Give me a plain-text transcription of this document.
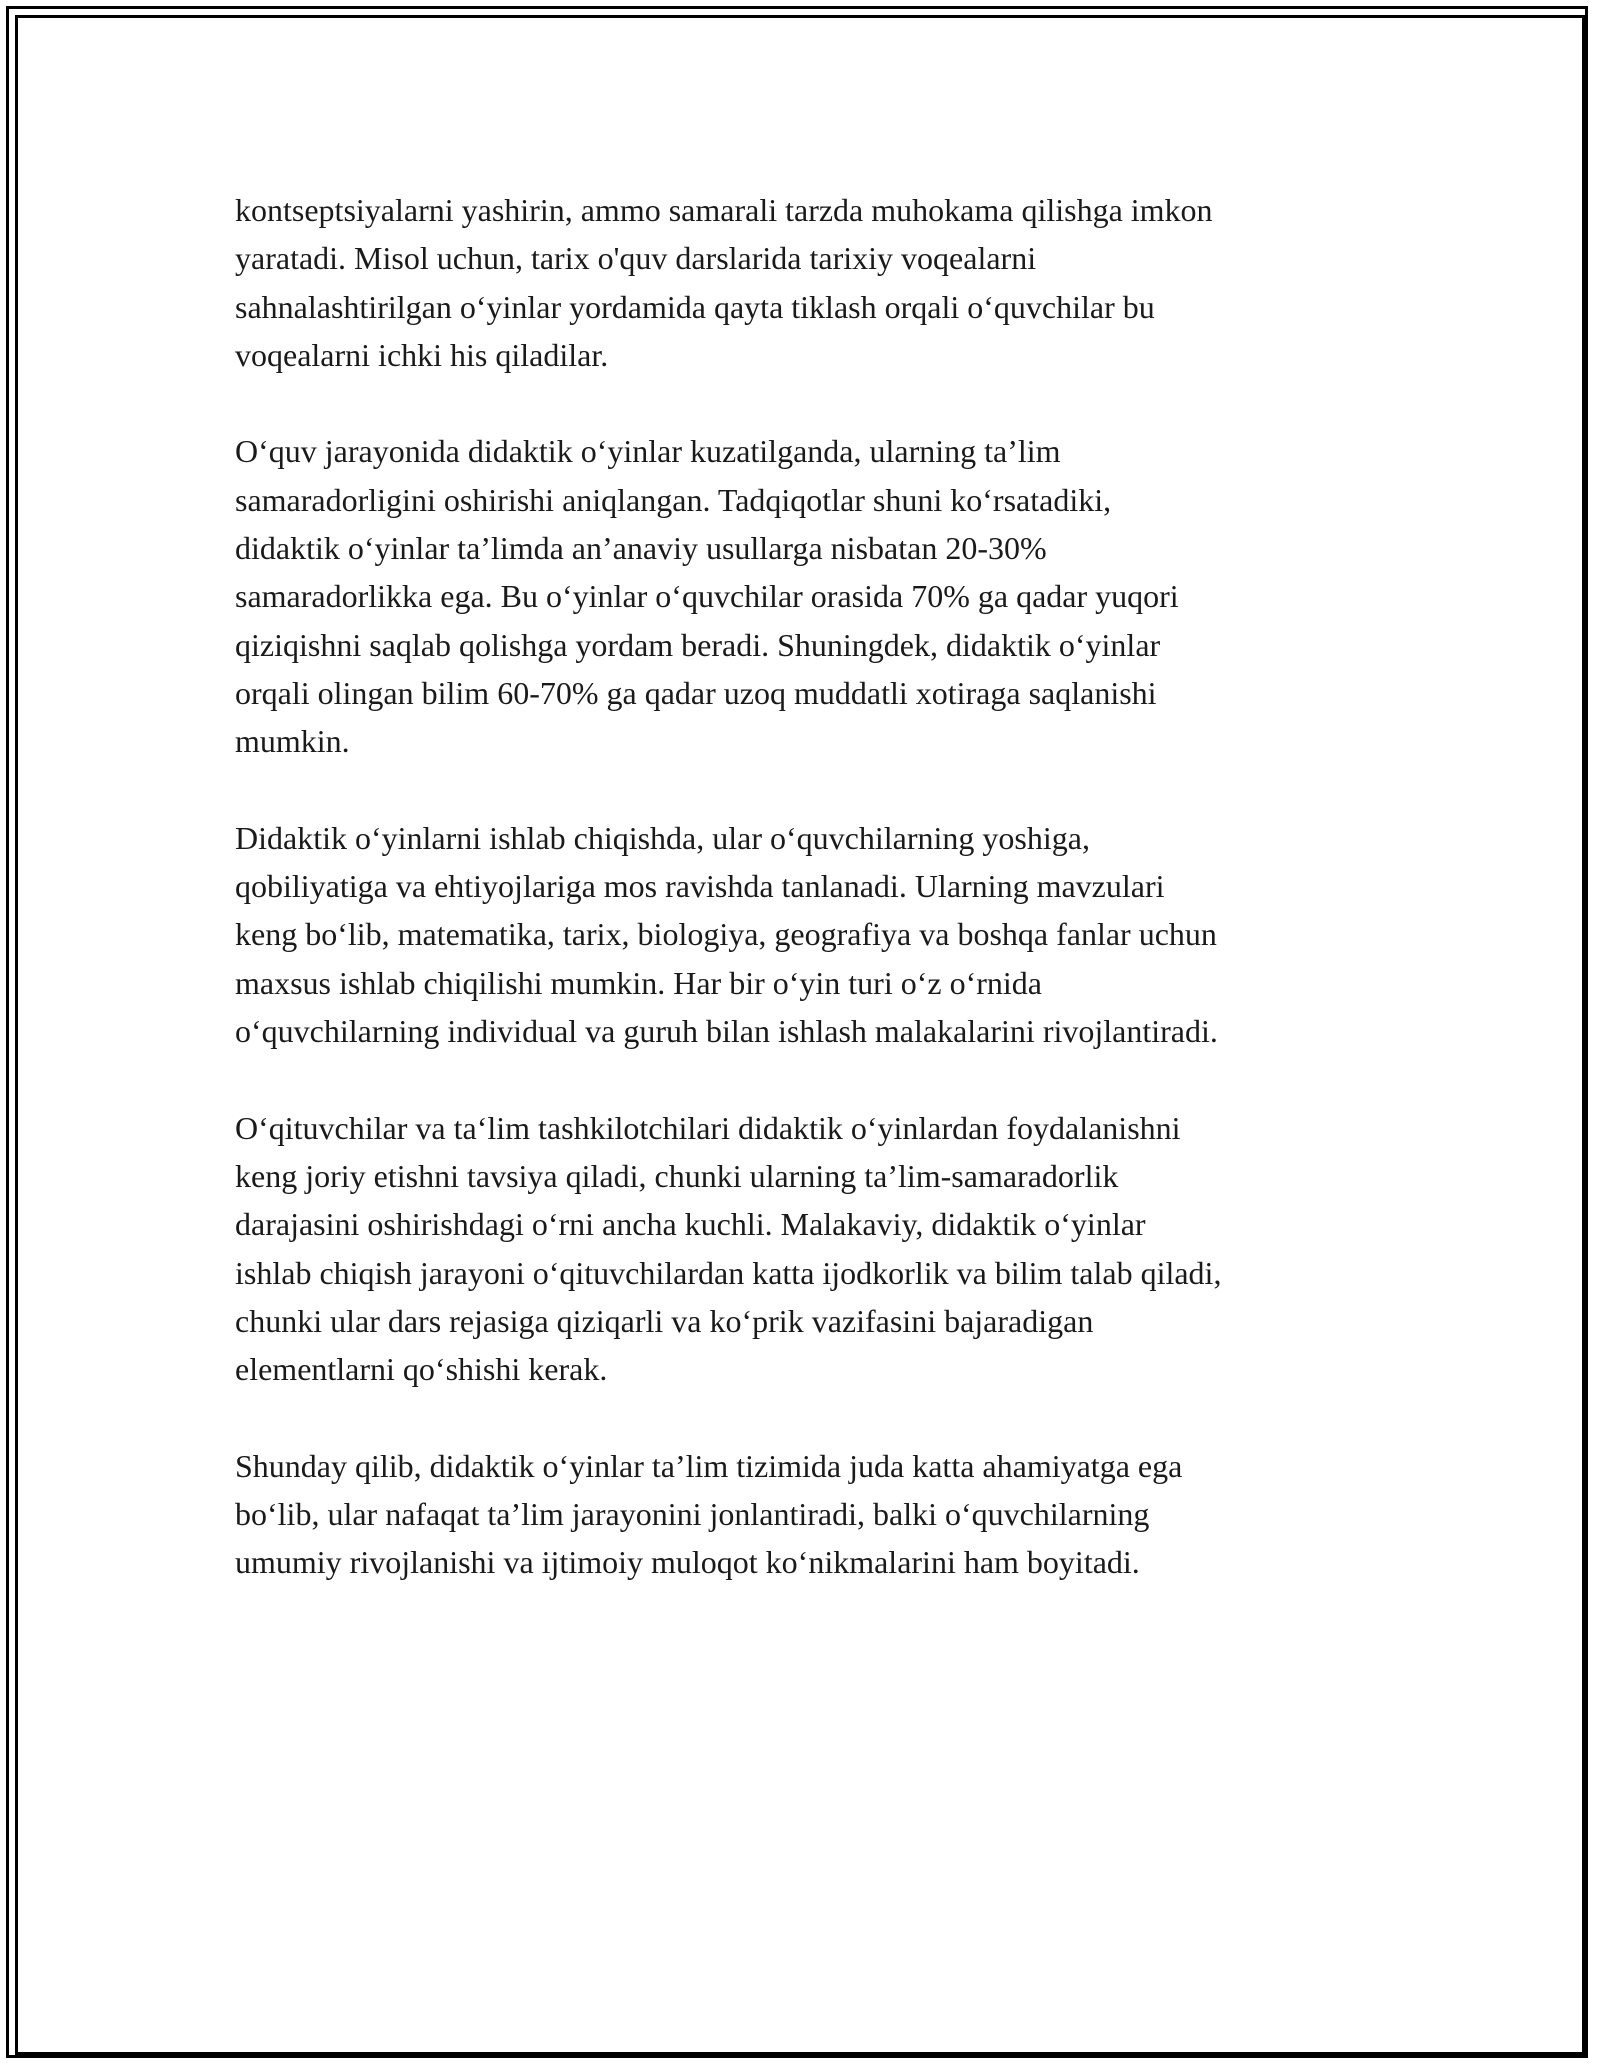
kontseptsiyalarni yashirin, ammo samarali tarzda muhokama qilishga imkon
yaratadi. Misol uchun, tarix o'quv darslarida tarixiy voqealarni
sahnalashtirilgan o‘yinlar yordamida qayta tiklash orqali o‘quvchilar bu
voqealarni ichki his qiladilar.

O‘quv jarayonida didaktik o‘yinlar kuzatilganda, ularning ta’lim
samaradorligini oshirishi aniqlangan. Tadqiqotlar shuni ko‘rsatadiki,
didaktik o‘yinlar ta’limda an’anaviy usullarga nisbatan 20-30%
samaradorlikka ega. Bu o‘yinlar o‘quvchilar orasida 70% ga qadar yuqori
qiziqishni saqlab qolishga yordam beradi. Shuningdek, didaktik o‘yinlar
orqali olingan bilim 60-70% ga qadar uzoq muddatli xotiraga saqlanishi
mumkin.

Didaktik o‘yinlarni ishlab chiqishda, ular o‘quvchilarning yoshiga,
qobiliyatiga va ehtiyojlariga mos ravishda tanlanadi. Ularning mavzulari
keng bo‘lib, matematika, tarix, biologiya, geografiya va boshqa fanlar uchun
maxsus ishlab chiqilishi mumkin. Har bir o‘yin turi o‘z o‘rnida
o‘quvchilarning individual va guruh bilan ishlash malakalarini rivojlantiradi.

O‘qituvchilar va ta‘lim tashkilotchilari didaktik o‘yinlardan foydalanishni
keng joriy etishni tavsiya qiladi, chunki ularning ta’lim-samaradorlik
darajasini oshirishdagi o‘rni ancha kuchli. Malakaviy, didaktik o‘yinlar
ishlab chiqish jarayoni o‘qituvchilardan katta ijodkorlik va bilim talab qiladi,
chunki ular dars rejasiga qiziqarli va ko‘prik vazifasini bajaradigan
elementlarni qo‘shishi kerak.

Shunday qilib, didaktik o‘yinlar ta’lim tizimida juda katta ahamiyatga ega
bo‘lib, ular nafaqat ta’lim jarayonini jonlantiradi, balki o‘quvchilarning
umumiy rivojlanishi va ijtimoiy muloqot ko‘nikmalarini ham boyitadi.
